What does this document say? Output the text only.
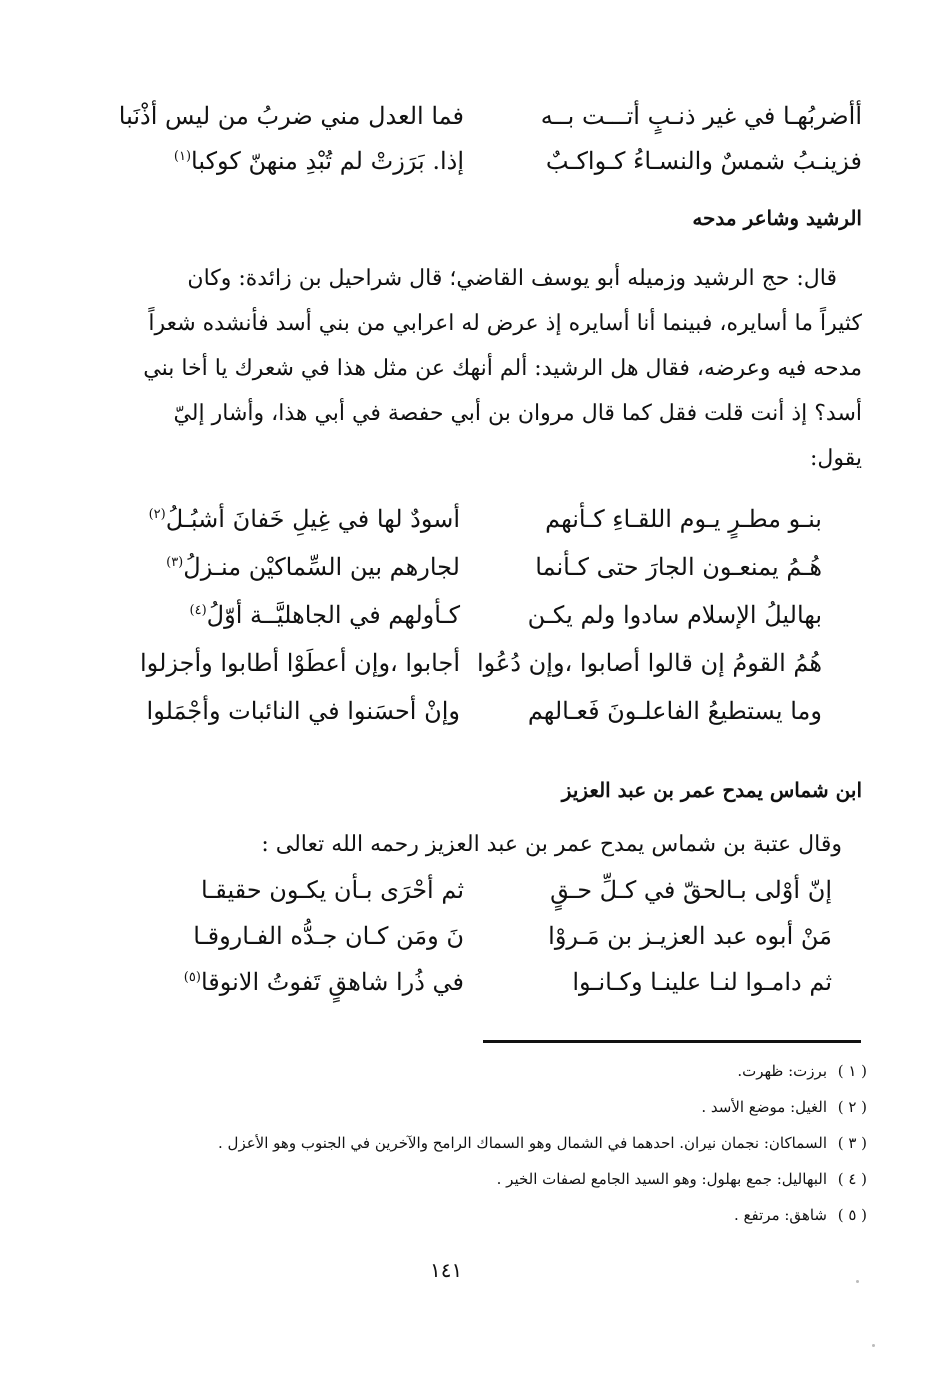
أأضربُهـا في غير ذنـبٍ أتـــت بــه
فما العدل مني ضربُ من ليس أذْنَبا
فزينـبُ شمسٌ والنسـاءُ كـواكـبٌ
إذا. بَرَزتْ لم تُبْدِ منهنّ كوكبا$^{(١)}$
الرشيد وشاعر مدحه

قال: حج الرشيد وزميله أبو يوسف القاضي؛ قال شراحيل بن زائدة: وكان

كثيراً ما أسايره، فبينما أنا أسايره إذ عرض له اعرابي من بني أسد فأنشده شعراً

مدحه فيه وعرضه، فقال هل الرشيد: ألم أنهك عن مثل هذا في شعرك يا أخا بني

أسد؟ إذ أنت قلت فقل كما قال مروان بن أبي حفصة في أبي هذا، وأشار إليّ

يقول:

بنـو مطـرٍ يـوم اللقـاءِ كـأنهم
أسودٌ لها في غِيلِ خَفانَ أشبُـلُ$^{(٢)}$
هُـمُ يمنعـون الجارَ حتى كـأنما
لجارهم بين السِّماكيْن منـزلُ$^{(٣)}$
بهاليلُ الإسلام سادوا ولم يكـن
كـأولهم في الجاهليَّــة أوّلُ$^{(٤)}$
هُمُ القومُ إن قالوا أصابوا ،وإن دُعُوا
أجابوا ،وإن أعطَوْا أطابوا وأجزلوا
وما يستطيعُ الفاعلـونَ فَعـالهم
وإنْ أحسَنوا في النائبات وأجْمَلوا
ابن شماس يمدح عمر بن عبد العزيز
وقال عتبة بن شماس يمدح عمر بن عبد العزيز رحمه الله تعالى :
إنّ أوْلى بـالحقّ في كـلِّ حـقٍ
ثم أحْرَى بـأن يكـون حقيقـا
مَنْ أبوه عبد العزيـز بن مَـروْا
نَ ومَن كـان جـدُّه الفـاروقـا
ثم دامـوا لنـا علينـا وكـانـوا
في ذُرا شاهقٍ تَفوتُ الانوقا$^{(٥)}$
( ١ )برزت: ظهرت.
( ٢ )الغيل: موضع الأسد .
( ٣ )السماكان: نجمان نيران. احدهما في الشمال وهو السماك الرامح والآخرين في الجنوب وهو الأعزل .
( ٤ )البهاليل: جمع بهلول: وهو السيد الجامع لصفات الخير .
( ٥ )شاهق: مرتفع .
١٤١
